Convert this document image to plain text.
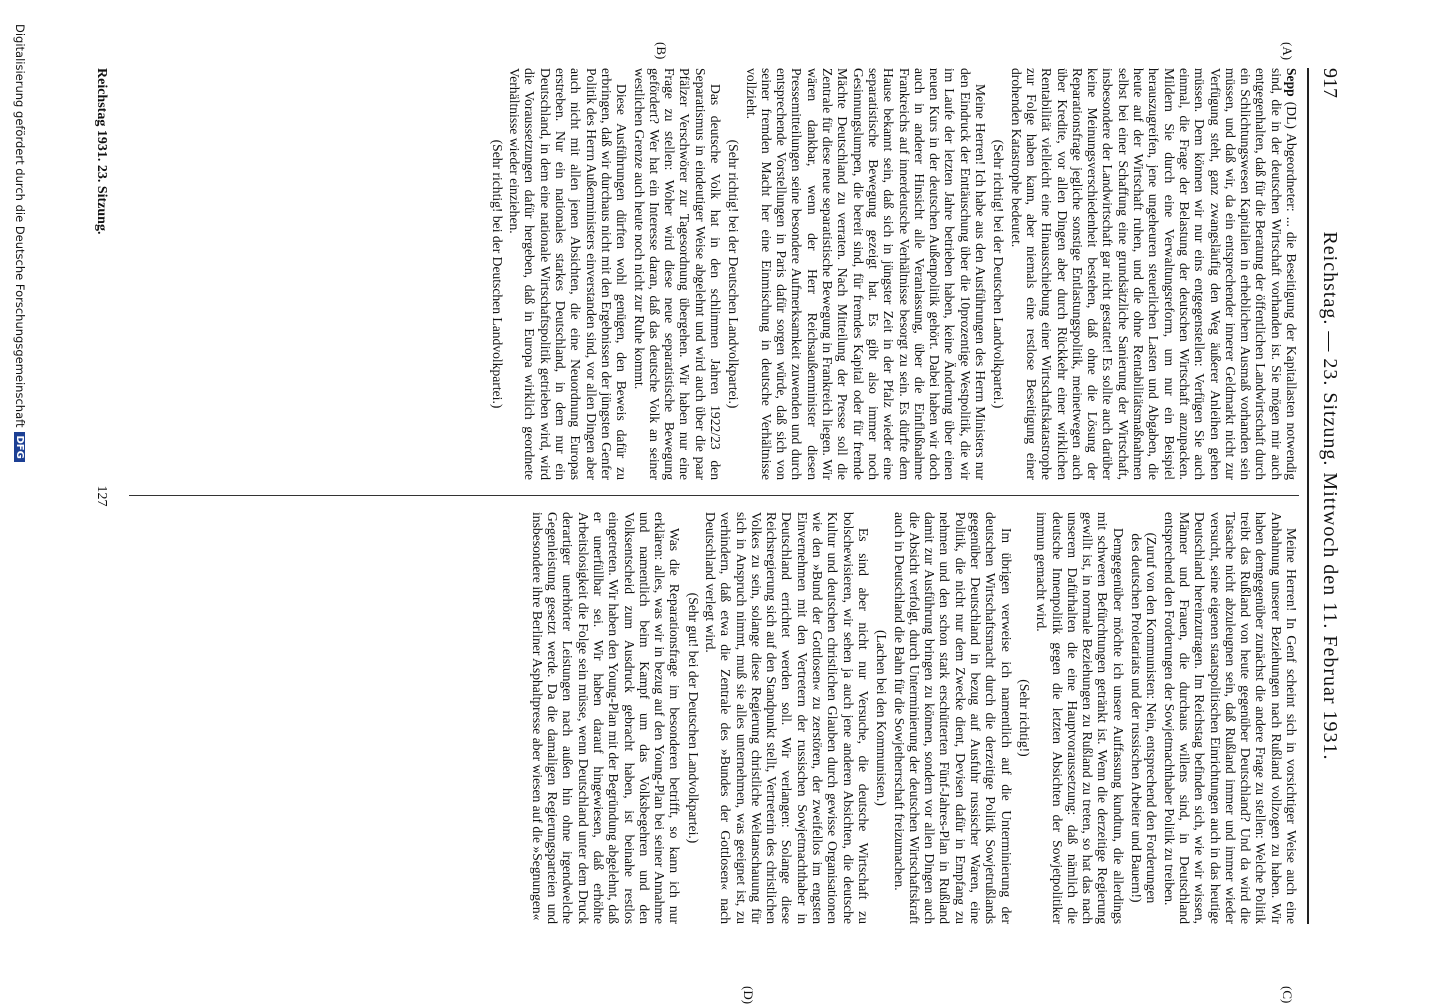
Digitalisierung gefördert durch die Deutsche ForschungsgemeinschaftDFG	Reichstag. — 23. Sitzung. Mittwoch den 11. Februar 1931.
917
(A)
(B)
(C)
(D)

Sepp (DL) Abgeordneter: ... die Beseitigung der Kapitallasten notwendig sind, die in der deutschen Wirtschaft vorhanden ist. Sie mögen mir auch entgegenhalten, daß für die Beratung der öffentlichen Landwirtschaft durch ein Schlichtungswesen Kapitalien in erheblichem Ausmaß vorhanden sein müssen, und daß wir, da ein entsprechender innerer Geldmarkt nicht zur Verfügung steht, ganz zwangsläufig den Weg äußerer Anleihen gehen müssen. Dem können wir nur eins entgegenstellen: Verfügen Sie auch einmal, die Frage der Belastung der deutschen Wirtschaft anzupacken. Mildern Sie durch eine Verwaltungsreform, um nur ein Beispiel herauszugreifen, jene ungeheuren steuerlichen Lasten und Abgaben, die heute auf der Wirtschaft ruhen, und die ohne Rentabilitätsmaßnahmen selbst bei einer Schaffung eine grundsätzliche Sanierung der Wirtschaft, insbesondere der Landwirtschaft gar nicht gestattet! Es sollte auch darüber keine Meinungsverschiedenheit bestehen, daß ohne die Lösung der Reparationsfrage jegliche sonstige Entlastungspolitik, meinetwegen auch über Kredite, vor allen Dingen aber durch Rückkehr einer wirklichen Rentabilität vielleicht eine Hinausschiebung einer Wirtschaftskatastrophe zur Folge haben kann, aber niemals eine restlose Beseitigung einer drohenden Katastrophe bedeutet.

(Sehr richtig! bei der Deutschen Landvolkpartei.)

Meine Herren! Ich habe aus den Ausführungen des Herrn Ministers nur den Eindruck der Enttäuschung über die 10prozentige Westpolitik, die wir im Laufe der letzten Jahre betrieben haben, keine Änderung über einen neuen Kurs in der deutschen Außenpolitik gehört. Dabei haben wir doch auch in anderer Hinsicht alle Veranlassung, über die Einflußnahme Frankreichs auf innerdeutsche Verhältnisse besorgt zu sein. Es dürfte dem Hause bekannt sein, daß sich in jüngster Zeit in der Pfalz wieder eine separatistische Bewegung gezeigt hat. Es gibt also immer noch Gesinnungslumpen, die bereit sind, für fremdes Kapital oder für fremde Mächte Deutschland zu verraten. Nach Mitteilung der Presse soll die Zentrale für diese neue separatistische Bewegung in Frankreich liegen. Wir wären dankbar, wenn der Herr Reichsaußenminister diesen Pressemitteilungen seine besondere Aufmerksamkeit zuwenden und durch entsprechende Vorstellungen in Paris dafür sorgen würde, daß sich von seiner fremden Macht her eine Einmischung in deutsche Verhältnisse vollzieht.

(Sehr richtig! bei der Deutschen Landvolkpartei.)

Das deutsche Volk hat in den schlimmen Jahren 1922/23 den Separatismus in eindeutiger Weise abgelehnt und wird auch über die paar Pfälzer Verschwörer zur Tagesordnung übergehen. Wir haben nur eine Frage zu stellen: Woher wird diese neue separatistische Bewegung gefördert? Wer hat ein Interesse daran, daß das deutsche Volk an seiner westlichen Grenze auch heute noch nicht zur Ruhe kommt.

Diese Ausführungen dürften wohl genügen, den Beweis dafür zu erbringen, daß wir durchaus nicht mit den Ergebnissen der jüngsten Genfer Politik des Herrn Außenministers einverstanden sind, vor allen Dingen aber auch nicht mit allen jenen Absichten, die eine Neuordnung Europas erstreben. Nur ein nationales starkes Deutschland, in dem nur ein Deutschland, in dem eine nationale Wirtschaftspolitik getrieben wird, wird die Voraussetzungen dafür hergeben, daß in Europa wirklich geordnete Verhältnisse wieder einziehen.

(Sehr richtig! bei der Deutschen Landvolkpartei.)

Meine Herren! In Genf scheint sich in vorsichtiger Weise auch eine Anbahnung unserer Beziehungen nach Rußland vollzogen zu haben. Wir haben demgegenüber zunächst die andere Frage zu stellen: Welche Politik treibt das Rußland von heute gegenüber Deutschland? Und da wird die Tatsache nicht abzuleugnen sein, daß Rußland immer und immer wieder versucht, seine eigenen staatspolitischen Einrichtungen auch in das heutige Deutschland hereinzutragen. Im Reichstag befinden sich, wie wir wissen, Männer und Frauen, die durchaus willens sind, in Deutschland entsprechend den Forderungen der Sowjetmachthaber Politik zu treiben.

(Zuruf von den Kommunisten: Nein, entsprechend den Forderungen des deutschen Proletariats und der russischen Arbeiter und Bauern!)

Demgegenüber möchte ich unsere Auffassung kundtun, die allerdings mit schweren Befürchtungen getränkt ist. Wenn die derzeitige Regierung gewillt ist, in normale Beziehungen zu Rußland zu treten, so hat das nach unserem Dafürhalten die eine Hauptvoraussetzung: daß nämlich die deutsche Innenpolitik gegen die letzten Absichten der Sowjetpolitiker immun gemacht wird.

(Sehr richtig!)

Im übrigen verweise ich namentlich auf die Unterminierung der deutschen Wirtschaftsmacht durch die derzeitige Politik Sowjetrußlands gegenüber Deutschland in bezug auf Ausfuhr russischer Waren, eine Politik, die nicht nur dem Zwecke dient, Devisen dafür in Empfang zu nehmen und den schon stark erschütterten Fünf-Jahres-Plan in Rußland damit zur Ausführung bringen zu können, sondern vor allen Dingen auch die Absicht verfolgt, durch Unterminierung der deutschen Wirtschaftskraft auch in Deutschland die Bahn für die Sowjetherrschaft freizumachen.

(Lachen bei den Kommunisten.)

Es sind aber nicht nur Versuche, die deutsche Wirtschaft zu bolschewisieren, wir sehen ja auch jene anderen Absichten, die deutsche Kultur und deutschen christlichen Glauben durch gewisse Organisationen wie den »Bund der Gottlosen« zu zerstören, der zweifellos im engsten Einvernehmen mit den Vertretern der russischen Sowjetmachthaber in Deutschland errichtet werden soll. Wir verlangen: Solange diese Reichsregierung sich auf den Standpunkt stellt, Vertreterin des christlichen Volkes zu sein, solange diese Regierung christliche Weltanschauung für sich in Anspruch nimmt, muß sie alles unternehmen, was geeignet ist, zu verhindern, daß etwa die Zentrale des »Bundes der Gottlosen« nach Deutschland verlegt wird.

(Sehr gut! bei der Deutschen Landvolkpartei.)

Was die Reparationsfrage im besonderen betrifft, so kann ich nur erklären: alles, was wir in bezug auf den Young-Plan bei seiner Annahme und namentlich beim Kampf um das Volksbegehren und den Volksentscheid zum Ausdruck gebracht haben, ist beinahe restlos eingetreten. Wir haben den Young-Plan mit der Begründung abgelehnt, daß er unerfüllbar sei. Wir haben darauf hingewiesen, daß erhöhte Arbeitslosigkeit die Folge sein müsse, wenn Deutschland unter dem Druck derartiger unerhörter Leistungen nach außen hin ohne irgendwelche Gegenleistung gesetzt werde. Da die damaligen Regierungsparteien und insbesondere ihre Berliner Asphaltpresse aber wiesen auf die »Segnungen«

Reichstag 1931. 23. Sitzung.
127
